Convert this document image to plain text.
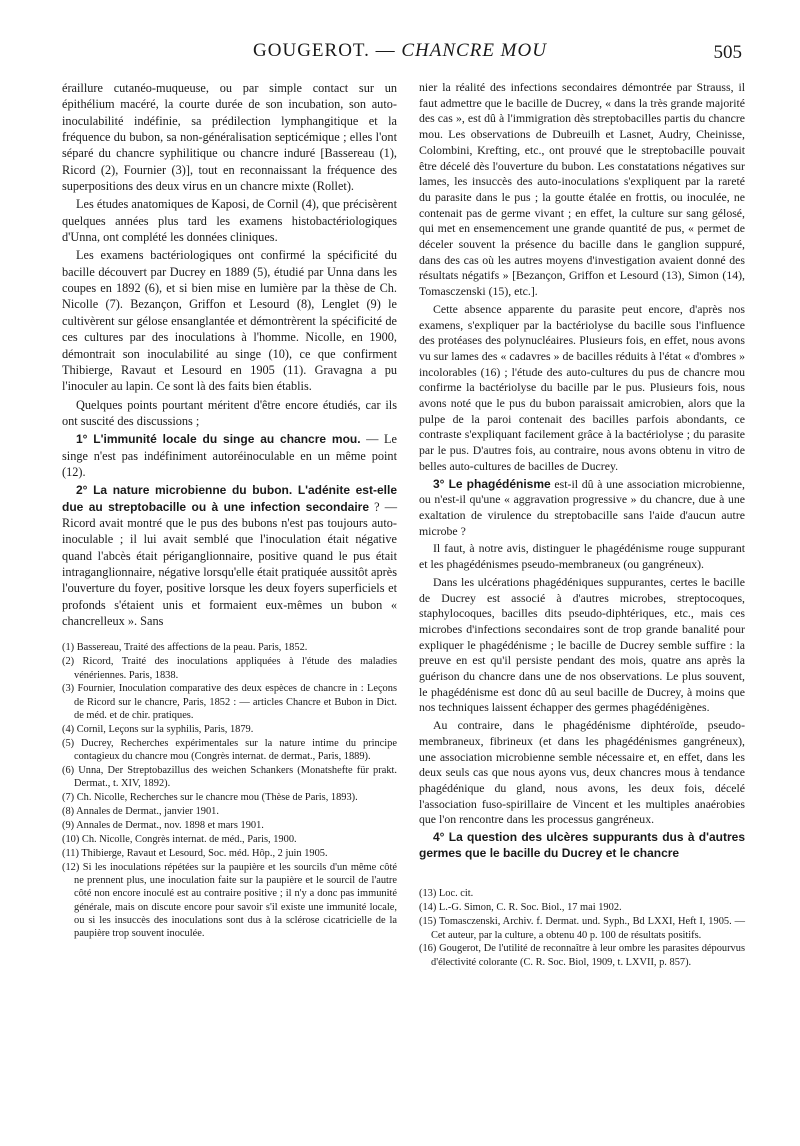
GOUGEROT. — CHANCRE MOU	505

éraillure cutanéo-muqueuse, ou par simple contact sur un épithélium macéré, la courte durée de son incubation, son auto-inoculabilité indéfinie, sa prédilection lymphangitique et la fréquence du bubon, sa non-généralisation septicémique ; elles l'ont séparé du chancre syphilitique ou chancre induré [Bassereau (1), Ricord (2), Fournier (3)], tout en reconnaissant la fréquence des superpositions des deux virus en un chancre mixte (Rollet).

Les études anatomiques de Kaposi, de Cornil (4), que précisèrent quelques années plus tard les examens histobactériologiques d'Unna, ont complété les données cliniques.

Les examens bactériologiques ont confirmé la spécificité du bacille découvert par Ducrey en 1889 (5), étudié par Unna dans les coupes en 1892 (6), et si bien mise en lumière par la thèse de Ch. Nicolle (7). Bezançon, Griffon et Lesourd (8), Lenglet (9) le cultivèrent sur gélose ensanglantée et démontrèrent la spécificité de ces cultures par des inoculations à l'homme. Nicolle, en 1900, démontrait son inoculabilité au singe (10), ce que confirment Thibierge, Ravaut et Lesourd en 1905 (11). Gravagna a pu l'inoculer au lapin. Ce sont là des faits bien établis.

Quelques points pourtant méritent d'être encore étudiés, car ils ont suscité des discussions ;

1° L'immunité locale du singe au chancre mou. — Le singe n'est pas indéfiniment autoréinoculable en un même point (12).

2° La nature microbienne du bubon. L'adénite est-elle due au streptobacille ou à une infection secondaire ? — Ricord avait montré que le pus des bubons n'est pas toujours auto-inoculable ; il lui avait semblé que l'inoculation était négative quand l'abcès était périganglionnaire, positive quand le pus était intraganglionnaire, négative lorsqu'elle était pratiquée aussitôt après l'ouverture du foyer, positive lorsque les deux foyers superficiels et profonds s'étaient unis et formaient eux-mêmes un bubon « chancrelleux ». Sans

(1) Bassereau, Traité des affections de la peau. Paris, 1852.

(2) Ricord, Traité des inoculations appliquées à l'étude des maladies vénériennes. Paris, 1838.

(3) Fournier, Inoculation comparative des deux espèces de chancre in : Leçons de Ricord sur le chancre, Paris, 1852 : — articles Chancre et Bubon in Dict. de méd. et de chir. pratiques.

(4) Cornil, Leçons sur la syphilis, Paris, 1879.

(5) Ducrey, Recherches expérimentales sur la nature intime du principe contagieux du chancre mou (Congrès internat. de dermat., Paris, 1889).

(6) Unna, Der Streptobazillus des weichen Schankers (Monatshefte für prakt. Dermat., t. XIV, 1892).

(7) Ch. Nicolle, Recherches sur le chancre mou (Thèse de Paris, 1893).

(8) Annales de Dermat., janvier 1901.

(9) Annales de Dermat., nov. 1898 et mars 1901.

(10) Ch. Nicolle, Congrès internat. de méd., Paris, 1900.

(11) Thibierge, Ravaut et Lesourd, Soc. méd. Hôp., 2 juin 1905.

(12) Si les inoculations répétées sur la paupière et les sourcils d'un même côté ne prennent plus, une inoculation faite sur la paupière et le sourcil de l'autre côté non encore inoculé est au contraire positive ; il n'y a donc pas immunité générale, mais on discute encore pour savoir s'il existe une immunité locale, ou si les insuccès des inoculations sont dus à la sclérose cicatricielle de la paupière trop souvent inoculée.

nier la réalité des infections secondaires démontrée par Strauss, il faut admettre que le bacille de Ducrey, « dans la très grande majorité des cas », est dû à l'immigration dès streptobacilles partis du chancre mou. Les observations de Dubreuilh et Lasnet, Audry, Cheinisse, Colombini, Krefting, etc., ont prouvé que le streptobacille pouvait être décelé dès l'ouverture du bubon. Les constatations négatives sur lames, les insuccès des auto-inoculations s'expliquent par la rareté du parasite dans le pus ; la goutte étalée en frottis, ou inoculée, ne contenait pas de germe vivant ; en effet, la culture sur sang gélosé, qui met en ensemencement une grande quantité de pus, « permet de déceler souvent la présence du bacille dans le ganglion suppuré, dans des cas où les autres moyens d'investigation avaient donné des résultats négatifs » [Bezançon, Griffon et Lesourd (13), Simon (14), Tomasczenski (15), etc.].

Cette absence apparente du parasite peut encore, d'après nos examens, s'expliquer par la bactériolyse du bacille sous l'influence des protéases des polynucléaires. Plusieurs fois, en effet, nous avons vu sur lames des « cadavres » de bacilles réduits à l'état « d'ombres » incolorables (16) ; l'étude des auto-cultures du pus de chancre mou confirme la bactériolyse du bacille par le pus. Plusieurs fois, nous avons noté que le pus du bubon paraissait amicrobien, alors que la pulpe de la paroi contenait des bacilles parfois abondants, ce contraste s'expliquant facilement grâce à la bactériolyse ; du parasite par le pus. D'autres fois, au contraire, nous avons obtenu in vitro de belles auto-cultures de bacilles de Ducrey.

3° Le phagédénisme est-il dû à une association microbienne, ou n'est-il qu'une « aggravation progressive » du chancre, due à une exaltation de virulence du streptobacille sans l'aide d'aucun autre microbe ?

Il faut, à notre avis, distinguer le phagédénisme rouge suppurant et les phagédénismes pseudo-membraneux (ou gangréneux).

Dans les ulcérations phagédéniques suppurantes, certes le bacille de Ducrey est associé à d'autres microbes, streptocoques, staphylocoques, bacilles dits pseudo-diphtériques, etc., mais ces microbes d'infections secondaires sont de trop grande banalité pour expliquer le phagédénisme ; le bacille de Ducrey semble suffire : la preuve en est qu'il persiste pendant des mois, quatre ans après la guérison du chancre dans une de nos observations. Le plus souvent, le phagédénisme est donc dû au seul bacille de Ducrey, à moins que nos techniques laissent échapper des germes phagédénigènes.

Au contraire, dans le phagédénisme diphtéroïde, pseudo-membraneux, fibrineux (et dans les phagédénismes gangréneux), une association microbienne semble nécessaire et, en effet, dans les deux seuls cas que nous ayons vus, deux chancres mous à tendance phagédénique du gland, nous avons, les deux fois, décelé l'association fuso-spirillaire de Vincent et les multiples anaérobies que l'on rencontre dans les processus gangréneux.

4° La question des ulcères suppurants dus à d'autres germes que le bacille du Ducrey et le chancre

(13) Loc. cit.

(14) L.-G. Simon, C. R. Soc. Biol., 17 mai 1902.

(15) Tomasczenski, Archiv. f. Dermat. und. Syph., Bd LXXI, Heft I, 1905. — Cet auteur, par la culture, a obtenu 40 p. 100 de résultats positifs.

(16) Gougerot, De l'utilité de reconnaître à leur ombre les parasites dépourvus d'électivité colorante (C. R. Soc. Biol, 1909, t. LXVII, p. 857).
